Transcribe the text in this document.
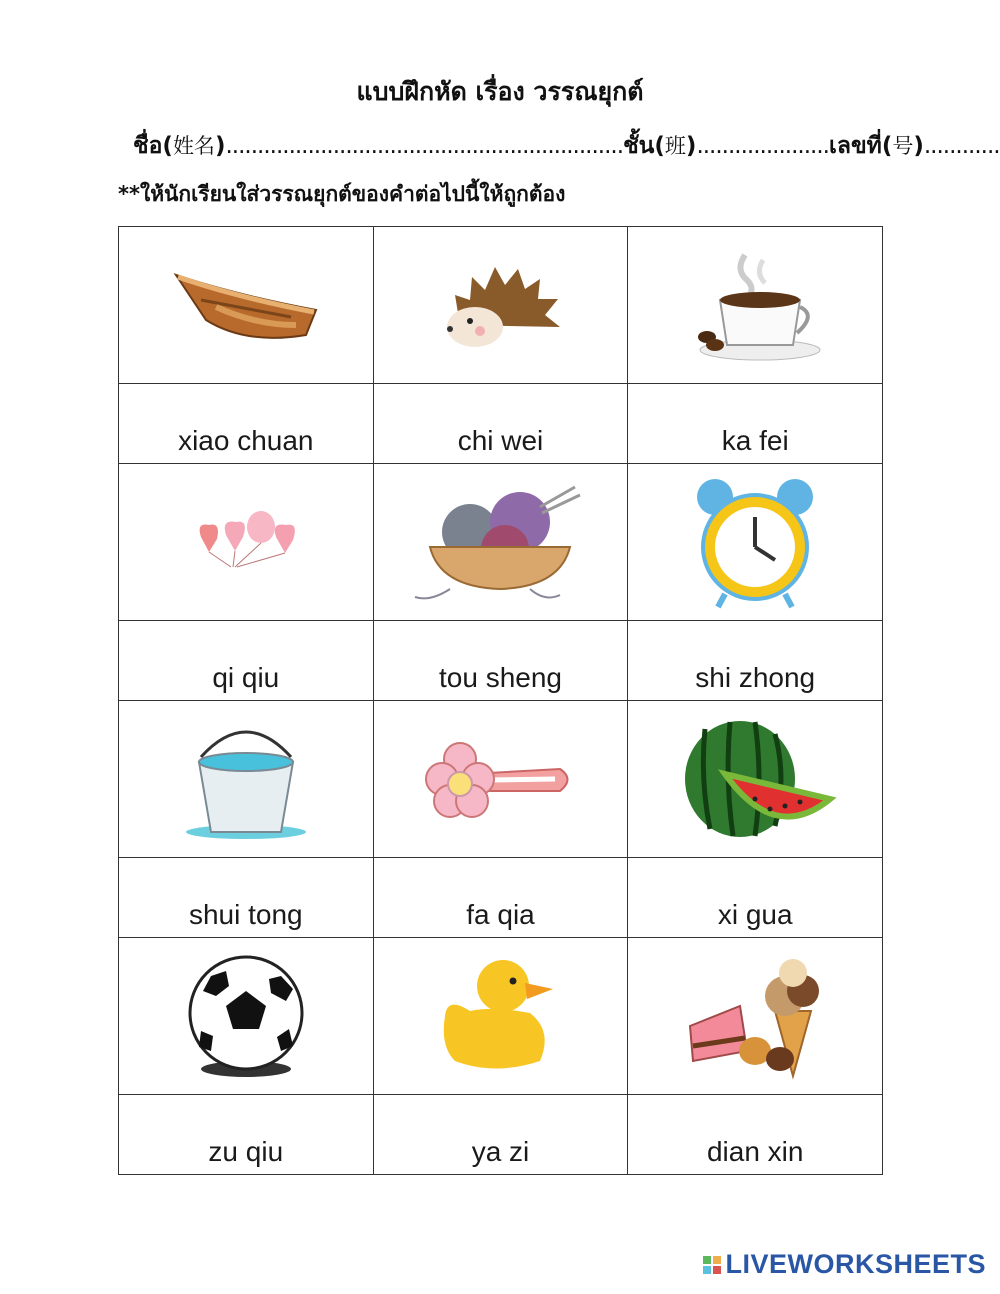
แบบฝึกหัด เรื่อง วรรณยุกต์
ชื่อ( 姓名 ) ............................................................... ชั้น( 班 ) ..................... เลขที่( 号 ) ............
**ให้นักเรียนใส่วรรณยุกต์ของคำต่อไปนี้ให้ถูกต้อง

xiao chuan	chi wei	ka fei

qi qiu	tou sheng	shi zhong

shui tong	fa qia	xi gua

zu qiu	ya zi	dian xin
LIVEWORKSHEETS
